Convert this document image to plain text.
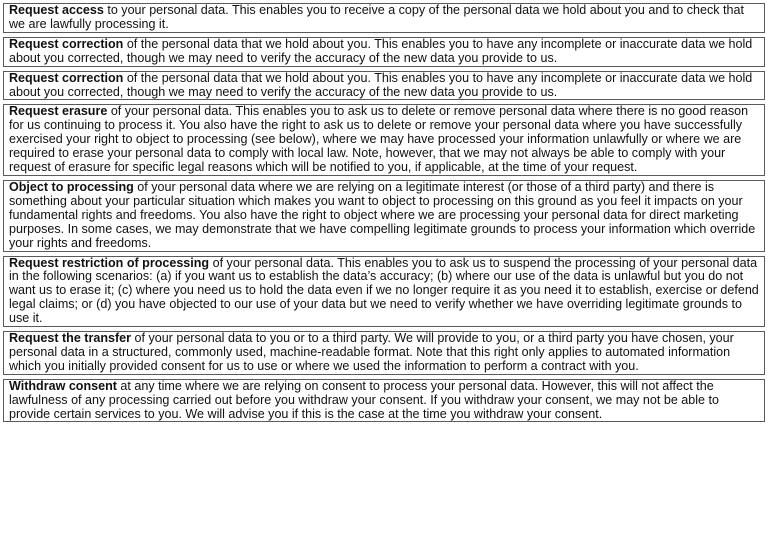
Request access to your personal data. This enables you to receive a copy of the personal data we hold about you and to check that we are lawfully processing it.
Request correction of the personal data that we hold about you. This enables you to have any incomplete or inaccurate data we hold about you corrected, though we may need to verify the accuracy of the new data you provide to us.
Request correction of the personal data that we hold about you. This enables you to have any incomplete or inaccurate data we hold about you corrected, though we may need to verify the accuracy of the new data you provide to us.
Request erasure of your personal data. This enables you to ask us to delete or remove personal data where there is no good reason for us continuing to process it. You also have the right to ask us to delete or remove your personal data where you have successfully exercised your right to object to processing (see below), where we may have processed your information unlawfully or where we are required to erase your personal data to comply with local law. Note, however, that we may not always be able to comply with your request of erasure for specific legal reasons which will be notified to you, if applicable, at the time of your request.
Object to processing of your personal data where we are relying on a legitimate interest (or those of a third party) and there is something about your particular situation which makes you want to object to processing on this ground as you feel it impacts on your fundamental rights and freedoms. You also have the right to object where we are processing your personal data for direct marketing purposes. In some cases, we may demonstrate that we have compelling legitimate grounds to process your information which override your rights and freedoms.
Request restriction of processing of your personal data. This enables you to ask us to suspend the processing of your personal data in the following scenarios: (a) if you want us to establish the data’s accuracy; (b) where our use of the data is unlawful but you do not want us to erase it; (c) where you need us to hold the data even if we no longer require it as you need it to establish, exercise or defend legal claims; or (d) you have objected to our use of your data but we need to verify whether we have overriding legitimate grounds to use it.
Request the transfer of your personal data to you or to a third party. We will provide to you, or a third party you have chosen, your personal data in a structured, commonly used, machine-readable format. Note that this right only applies to automated information which you initially provided consent for us to use or where we used the information to perform a contract with you.
Withdraw consent at any time where we are relying on consent to process your personal data. However, this will not affect the lawfulness of any processing carried out before you withdraw your consent. If you withdraw your consent, we may not be able to provide certain services to you. We will advise you if this is the case at the time you withdraw your consent.
